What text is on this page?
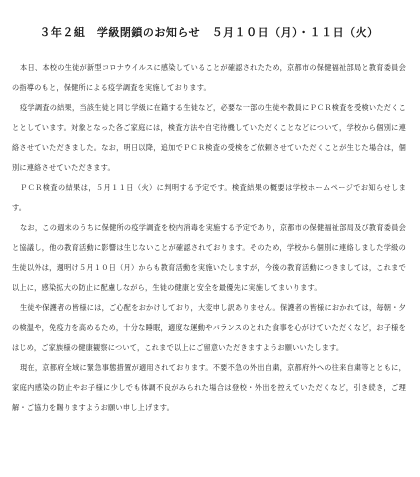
３年２組　学級閉鎖のお知らせ　５月１０日（月）・１１日（火）

本日、本校の生徒が新型コロナウイルスに感染していることが確認されたため，京都市の保健福祉部局と教育委員会の指導のもと，保健所による疫学調査を実施しております。

疫学調査の結果，当該生徒と同じ学級に在籍する生徒など，必要な一部の生徒や教員にＰＣＲ検査を受検いただくこととしています。対象となった各ご家庭には，検査方法や自宅待機していただくことなどについて，学校から個別に連絡させていただきました。なお，明日以降，追加でＰＣＲ検査の受検をご依頼させていただくことが生じた場合は，個別に連絡させていただきます。

ＰＣＲ検査の結果は，５月１１日（火）に判明する予定です。検査結果の概要は学校ホームページでお知らせします。

なお，この週末のうちに保健所の疫学調査を校内消毒を実施する予定であり，京都市の保健福祉部局及び教育委員会と協議し，他の教育活動に影響は生じないことが確認されております。そのため，学校から個別に連絡しました学級の生徒以外は，週明け５月１０日（月）からも教育活動を実施いたしますが，今後の教育活動につきましては，これまで以上に，感染拡大の防止に配慮しながら，生徒の健康と安全を最優先に実施してまいります。

生徒や保護者の皆様には，ご心配をおかけしており，大変申し訳ありません。保護者の皆様におかれては，毎朝・夕の検温や，免疫力を高めるため，十分な睡眠，適度な運動やバランスのとれた食事を心がけていただくなど，お子様をはじめ，ご家族様の健康観察について，これまで以上にご留意いただきますようお願いいたします。

現在，京都府全域に緊急事態措置が適用されております。不要不急の外出自粛，京都府外への往来自粛等とともに，家庭内感染の防止やお子様に少しでも体調不良がみられた場合は登校・外出を控えていただくなど，引き続き，ご理解・ご協力を賜りますようお願い申し上げます。
